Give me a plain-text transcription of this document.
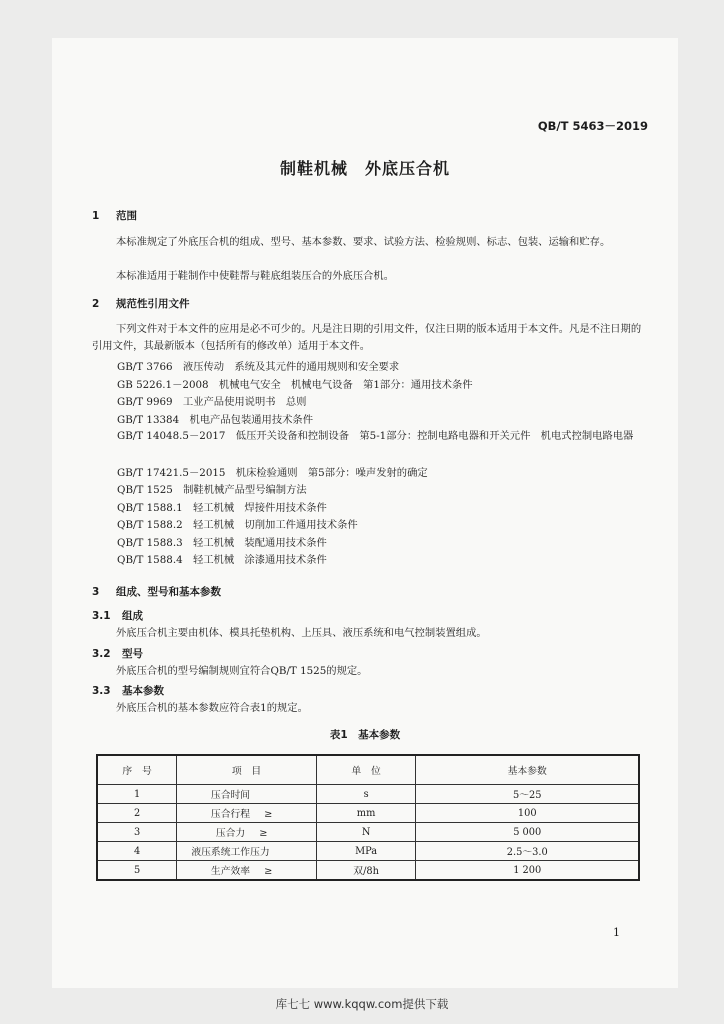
QB/T 5463－2019
制鞋机械　外底压合机
1 范围
本标准规定了外底压合机的组成、型号、基本参数、要求、试验方法、检验规则、标志、包装、运输和贮存。
本标准适用于鞋制作中使鞋帮与鞋底组装压合的外底压合机。
2 规范性引用文件
下列文件对于本文件的应用是必不可少的。凡是注日期的引用文件，仅注日期的版本适用于本文件。凡是不注日期的引用文件，其最新版本（包括所有的修改单）适用于本文件。
GB/T 3766　液压传动　系统及其元件的通用规则和安全要求
GB 5226.1－2008　机械电气安全　机械电气设备　第1部分：通用技术条件
GB/T 9969　工业产品使用说明书　总则
GB/T 13384　机电产品包装通用技术条件
GB/T 14048.5－2017　低压开关设备和控制设备　第5-1部分：控制电路电器和开关元件　机电式控制电路电器
GB/T 17421.5－2015　机床检验通则　第5部分：噪声发射的确定
QB/T 1525　制鞋机械产品型号编制方法
QB/T 1588.1　轻工机械　焊接件用技术条件
QB/T 1588.2　轻工机械　切削加工件通用技术条件
QB/T 1588.3　轻工机械　装配通用技术条件
QB/T 1588.4　轻工机械　涂漆通用技术条件
3 组成、型号和基本参数
3.1 组成
外底压合机主要由机体、模具托垫机构、上压具、液压系统和电气控制装置组成。
3.2 型号
外底压合机的型号编制规则宜符合QB/T 1525的规定。
3.3 基本参数
外底压合机的基本参数应符合表1的规定。
表1　基本参数
序　号	项　目	单　位	基本参数
1	压合时间	s	5～25
2	压合行程 ≥	mm	100
3	压合力 ≥	N	5 000
4	液压系统工作压力	MPa	2.5～3.0
5	生产效率 ≥	双/8h	1 200
1
库七七 www.kqqw.com提供下载
